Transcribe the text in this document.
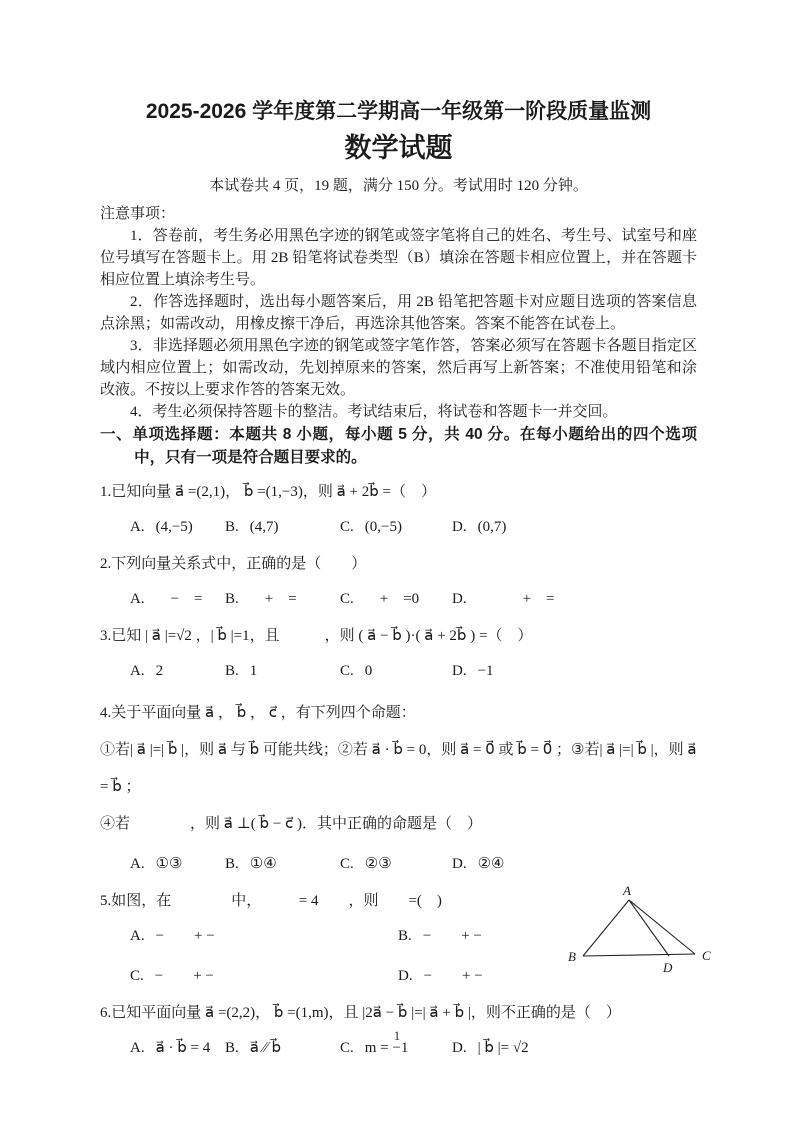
2025-2026 学年度第二学期高一年级第一阶段质量监测
数学试题
本试卷共 4 页，19 题，满分 150 分。考试用时 120 分钟。

注意事项：

1．答卷前，考生务必用黑色字迹的钢笔或签字笔将自己的姓名、考生号、试室号和座位号填写在答题卡上。用 2B 铅笔将试卷类型（B）填涂在答题卡相应位置上，并在答题卡相应位置上填涂考生号。

2．作答选择题时，选出每小题答案后，用 2B 铅笔把答题卡对应题目选项的答案信息点涂黑；如需改动，用橡皮擦干净后，再选涂其他答案。答案不能答在试卷上。

3．非选择题必须用黑色字迹的钢笔或签字笔作答，答案必须写在答题卡各题目指定区域内相应位置上；如需改动，先划掉原来的答案，然后再写上新答案；不准使用铅笔和涂改液。不按以上要求作答的答案无效。

4．考生必须保持答题卡的整洁。考试结束后，将试卷和答题卡一并交回。

一、单项选择题：本题共 8 小题，每小题 5 分，共 40 分。在每小题给出的四个选项中，只有一项是符合题目要求的。

1.已知向量 a⃗ =(2,1)， b⃗ =(1,−3)，则 a⃗ + 2b⃗ =（　）
A. (4,−5) B. (4,7)	C. (0,−5)	D. (0,7)
2.下列向量关系式中，正确的是（　　）
A. 　−　= B. 　+　=	C. 　+　=0 D. 　　　+　=
3.已知 | a⃗ |=√2 ，| b⃗ |=1，且　　　，则 ( a⃗ − b⃗ )·( a⃗ + 2b⃗ ) =（　）
A. 2	B. 1	C. 0	D. −1
4.关于平面向量 a⃗ ， b⃗ ， c⃗ ，有下列四个命题：
①若| a⃗ |=| b⃗ |，则 a⃗ 与 b⃗ 可能共线；②若 a⃗ · b⃗ = 0，则 a⃗ = 0⃗ 或 b⃗ = 0⃗ ；③若| a⃗ |=| b⃗ |，则 a⃗ = b⃗ ；
④若　　　　，则 a⃗ ⊥( b⃗ − c⃗ )．其中正确的命题是（　）
A. ①③	B. ①④	C. ②③	D. ②④
5.如图，在　　　　中，　　　= 4　　，则　　=(　)
A. −　　+ −	B. −　　+ −
C. −　　+ −	D. −　　+ −
A
B	C
D
6.已知平面向量 a⃗ =(2,2)， b⃗ =(1,m)，且 |2a⃗ − b⃗ |=| a⃗ + b⃗ |，则不正确的是（　）
A. a⃗ · b⃗ = 4 B. a⃗ ∕∕ b⃗	C. m = −1	D. | b⃗ |= √2
1
